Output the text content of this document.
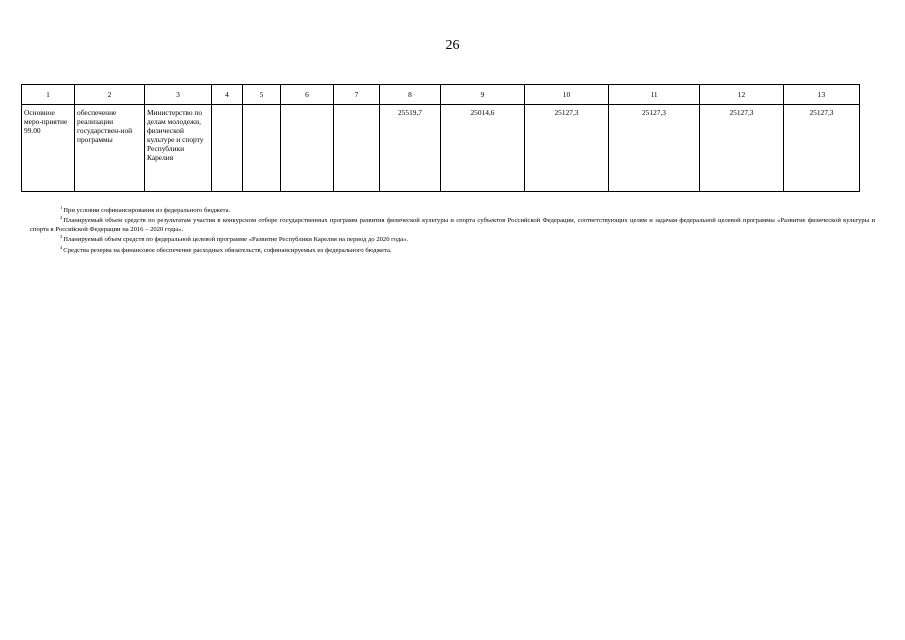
26
1	2	3	4	5	6	7	8	9	10	11	12	13
Основное меро-приятие 99.00	обеспечение реализации государствен-ной программы	Министерство по делам молодежи, физической культуре и спорту Республики Карелия					25519,7	25014,6	25127,3	25127,3	25127,3	25127,3

$^1$При условии софинансирования из федерального бюджета.

$^2$Планируемый объем средств по результатам участия в конкурсном отборе государственных программ развития физической культуры и спорта субъектов Российской Федерации, соответствующих целям и задачам федеральной целевой программы «Развитие физической культуры и спорта в Российской Федерации на 2016 – 2020 годы».

$^3$Планируемый объем средств по федеральной целевой программе «Развитие Республики Карелия на период до 2020 года».

$^4$Средства резерва на финансовое обеспечение расходных обязательств, софинансируемых из федерального бюджета.
